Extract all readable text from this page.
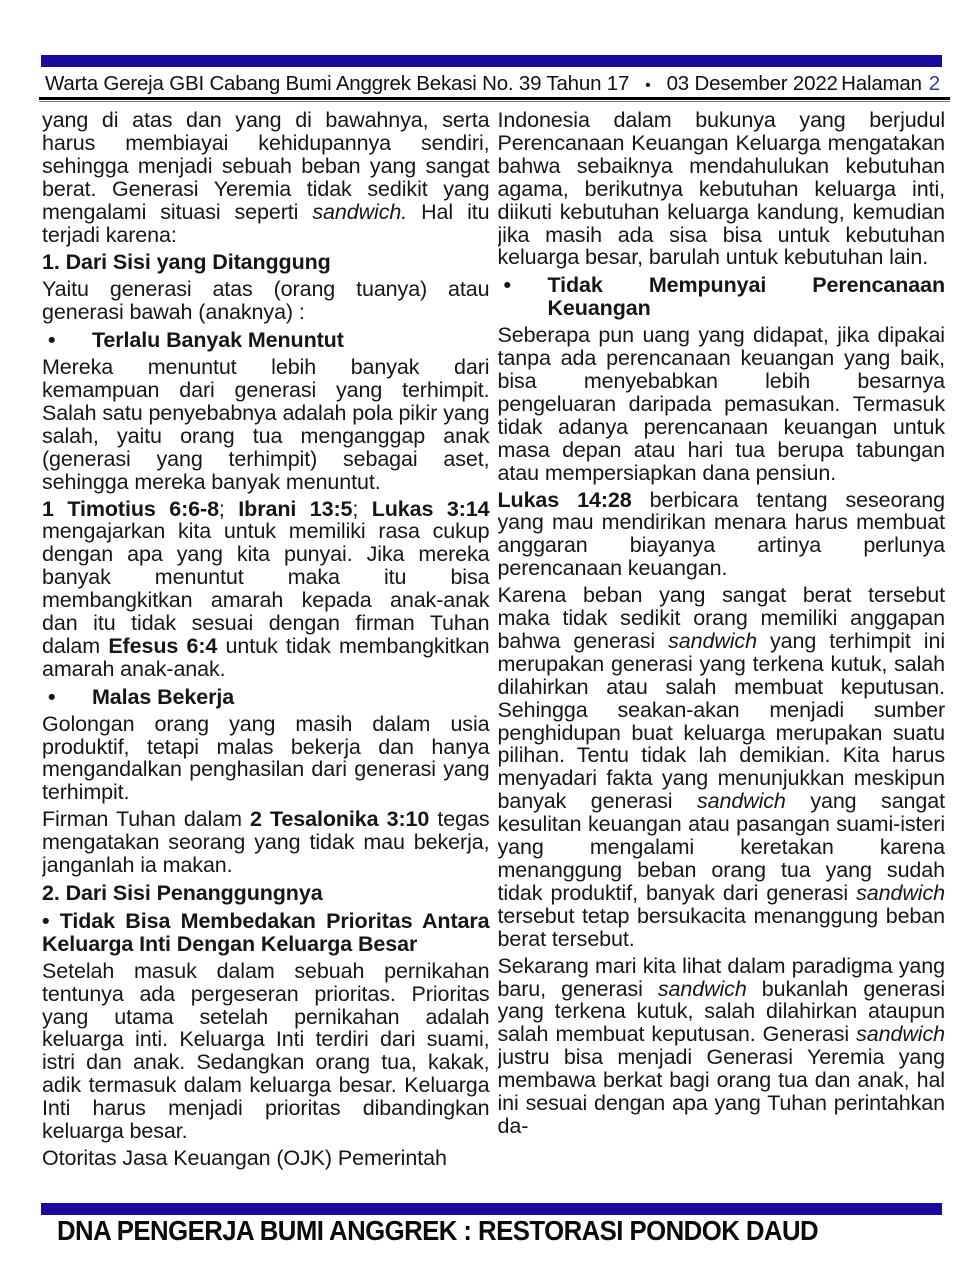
Warta Gereja GBI Cabang Bumi Anggrek Bekasi No. 39 Tahun 17 • 03 Desember 2022 Halaman 2

yang di atas dan yang di bawahnya, serta harus membiayai kehidupannya sendiri, sehingga menjadi sebuah beban yang sangat berat. Generasi Yeremia tidak sedikit yang mengalami situasi seperti sandwich. Hal itu terjadi karena:

1. Dari Sisi yang Ditanggung

Yaitu generasi atas (orang tuanya) atau generasi bawah (anaknya) :

•	Terlalu Banyak Menuntut

Mereka menuntut lebih banyak dari kemampuan dari generasi yang terhimpit. Salah satu penyebabnya adalah pola pikir yang salah, yaitu orang tua menganggap anak (generasi yang terhimpit) sebagai aset, sehingga mereka banyak menuntut.

1 Timotius 6:6-8; Ibrani 13:5; Lukas 3:14 mengajarkan kita untuk memiliki rasa cukup dengan apa yang kita punyai. Jika mereka banyak menuntut maka itu bisa membangkitkan amarah kepada anak-anak dan itu tidak sesuai dengan firman Tuhan dalam Efesus 6:4 untuk tidak membangkitkan amarah anak-anak.

•	Malas Bekerja

Golongan orang yang masih dalam usia produktif, tetapi malas bekerja dan hanya mengandalkan penghasilan dari generasi yang terhimpit.

Firman Tuhan dalam 2 Tesalonika 3:10 tegas mengatakan seorang yang tidak mau bekerja, janganlah ia makan.

2. Dari Sisi Penanggungnya

• Tidak Bisa Membedakan Prioritas Antara Keluarga Inti Dengan Keluarga Besar

Setelah masuk dalam sebuah pernikahan tentunya ada pergeseran prioritas. Prioritas yang utama setelah pernikahan adalah keluarga inti. Keluarga Inti terdiri dari suami, istri dan anak. Sedangkan orang tua, kakak, adik termasuk dalam keluarga besar. Keluarga Inti harus menjadi prioritas dibandingkan keluarga besar.

Otoritas Jasa Keuangan (OJK) Pemerintah

Indonesia dalam bukunya yang berjudul Perencanaan Keuangan Keluarga mengatakan bahwa sebaiknya mendahulukan kebutuhan agama, berikutnya kebutuhan keluarga inti, diikuti kebutuhan keluarga kandung, kemudian jika masih ada sisa bisa untuk kebutuhan keluarga besar, barulah untuk kebutuhan lain.

•	Tidak Mempunyai Perencanaan Keuangan

Seberapa pun uang yang didapat, jika dipakai tanpa ada perencanaan keuangan yang baik, bisa menyebabkan lebih besarnya pengeluaran daripada pemasukan. Termasuk tidak adanya perencanaan keuangan untuk masa depan atau hari tua berupa tabungan atau mempersiapkan dana pensiun.

Lukas 14:28 berbicara tentang seseorang yang mau mendirikan menara harus membuat anggaran biayanya artinya perlunya perencanaan keuangan.

Karena beban yang sangat berat tersebut maka tidak sedikit orang memiliki anggapan bahwa generasi sandwich yang terhimpit ini merupakan generasi yang terkena kutuk, salah dilahirkan atau salah membuat keputusan. Sehingga seakan-akan menjadi sumber penghidupan buat keluarga merupakan suatu pilihan. Tentu tidak lah demikian. Kita harus menyadari fakta yang menunjukkan meskipun banyak generasi sandwich yang sangat kesulitan keuangan atau pasangan suami-isteri yang mengalami keretakan karena menanggung beban orang tua yang sudah tidak produktif, banyak dari generasi sandwich tersebut tetap bersukacita menanggung beban berat tersebut.

Sekarang mari kita lihat dalam paradigma yang baru, generasi sandwich bukanlah generasi yang terkena kutuk, salah dilahirkan ataupun salah membuat keputusan. Generasi sandwich justru bisa menjadi Generasi Yeremia yang membawa berkat bagi orang tua dan anak, hal ini sesuai dengan apa yang Tuhan perintahkan da-

DNA PENGERJA BUMI ANGGREK : RESTORASI PONDOK DAUD
